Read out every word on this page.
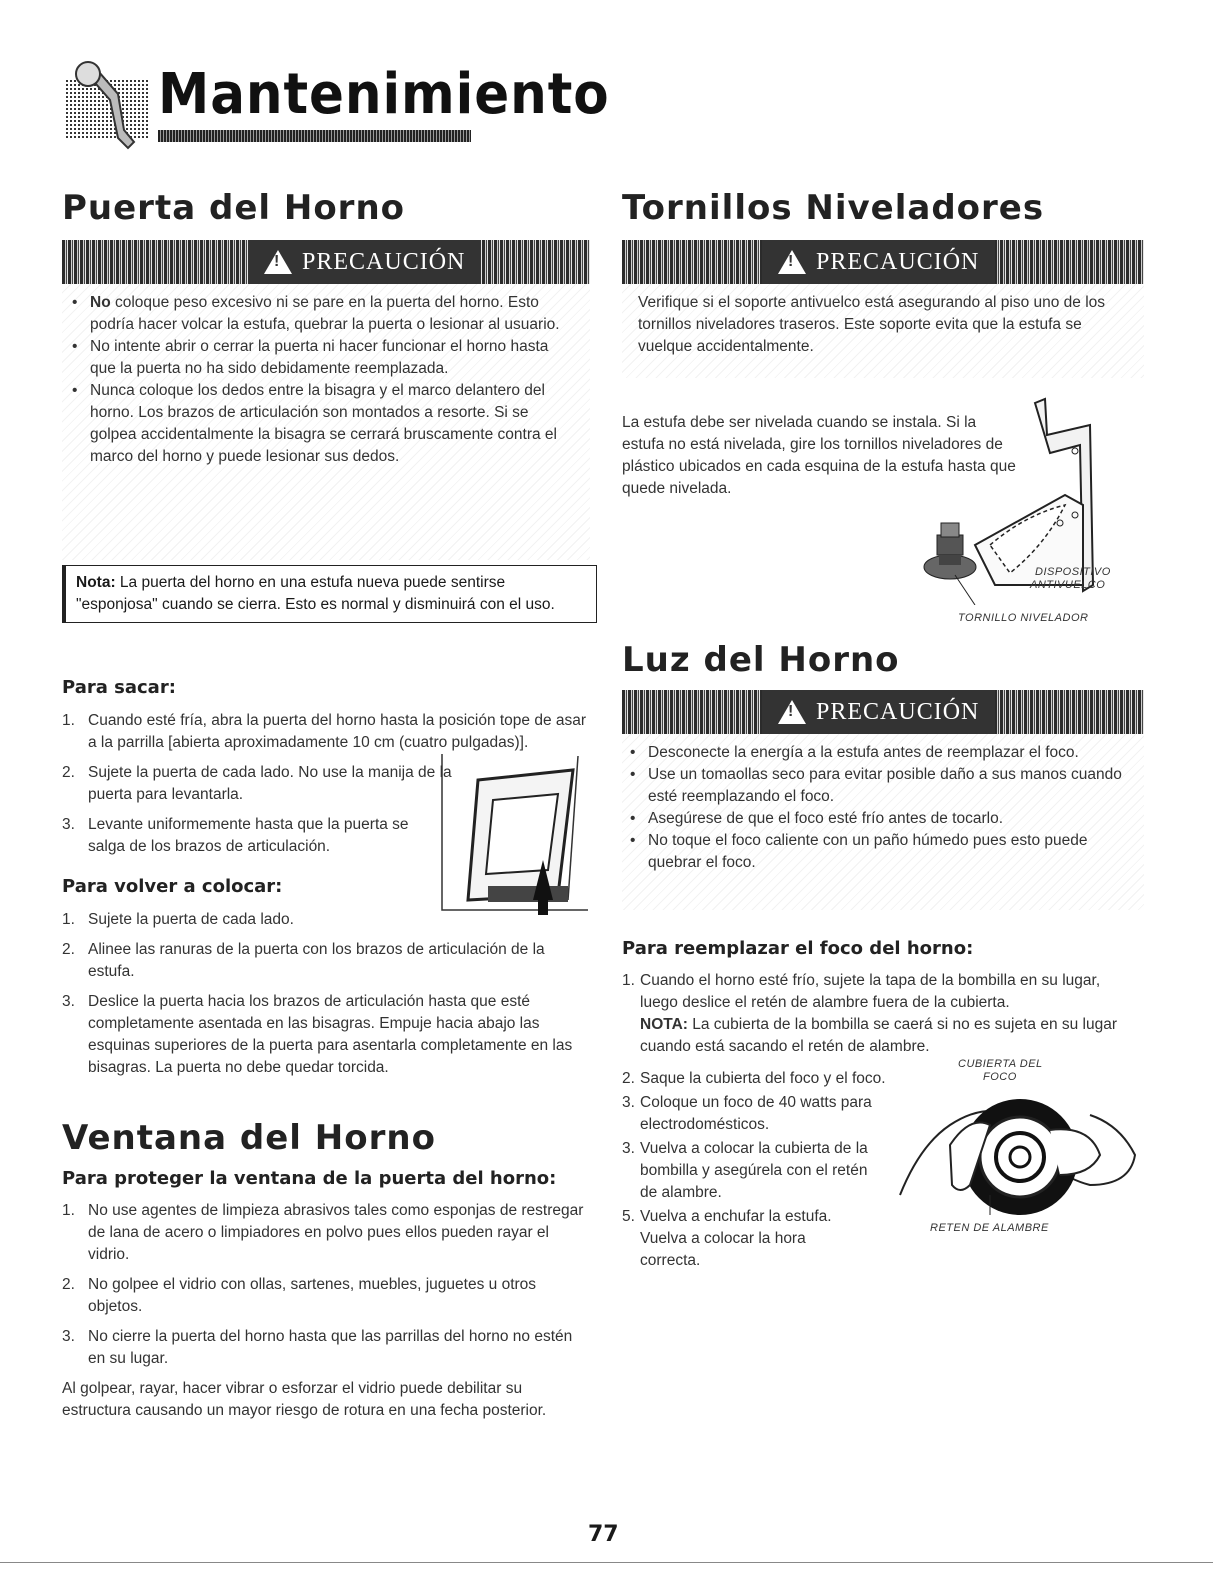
Mantenimiento
Puerta del Horno
!
PRECAUCIÓN
• No coloque peso excesivo ni se pare en la puerta del horno. Esto podría hacer volcar la estufa, quebrar la puerta o lesionar al usuario.
• No intente abrir o cerrar la puerta ni hacer funcionar el horno hasta que la puerta no ha sido debidamente reemplazada.
• Nunca coloque los dedos entre la bisagra y el marco delantero del horno. Los brazos de articulación son montados a resorte. Si se golpea accidentalmente la bisagra se cerrará bruscamente contra el marco del horno y puede lesionar sus dedos.
Nota: La puerta del horno en una estufa nueva puede sentirse "esponjosa" cuando se cierra. Esto es normal y disminuirá con el uso.
Para sacar:
1. Cuando esté fría, abra la puerta del horno hasta la posición tope de asar a la parrilla [abierta aproximadamente 10 cm (cuatro pulgadas)].
2. Sujete la puerta de cada lado. No use la manija de la puerta para levantarla.
3. Levante uniformemente hasta que la puerta se salga de los brazos de articulación.
Para volver a colocar:
1. Sujete la puerta de cada lado.
2. Alinee las ranuras de la puerta con los brazos de articulación de la estufa.
3. Deslice la puerta hacia los brazos de articulación hasta que esté completamente asentada en las bisagras. Empuje hacia abajo las esquinas superiores de la puerta para asentarla completamente en las bisagras. La puerta no debe quedar torcida.
Ventana del Horno
Para proteger la ventana de la puerta del horno:
1. No use agentes de limpieza abrasivos tales como esponjas de restregar de lana de acero o limpiadores en polvo pues ellos pueden rayar el vidrio.
2. No golpee el vidrio con ollas, sartenes, muebles, juguetes u otros objetos.
3. No cierre la puerta del horno hasta que las parrillas del horno no estén en su lugar.
Al golpear, rayar, hacer vibrar o esforzar el vidrio puede debilitar su estructura causando un mayor riesgo de rotura en una fecha posterior.
Tornillos Niveladores
!
PRECAUCIÓN
Verifique si el soporte antivuelco está asegurando al piso uno de los tornillos niveladores traseros. Este soporte evita que la estufa se vuelque accidentalmente.
La estufa debe ser nivelada cuando se instala. Si la estufa no está nivelada, gire los tornillos niveladores de plástico ubicados en cada esquina de la estufa hasta que quede nivelada.
DISPOSITIVO
ANTIVUELCO
TORNILLO NIVELADOR
Luz del Horno
!
PRECAUCIÓN
• Desconecte la energía a la estufa antes de reemplazar el foco.
• Use un tomaollas seco para evitar posible daño a sus manos cuando esté reemplazando el foco.
• Asegúrese de que el foco esté frío antes de tocarlo.
• No toque el foco caliente con un paño húmedo pues esto puede quebrar el foco.
Para reemplazar el foco del horno:
1. Cuando el horno esté frío, sujete la tapa de la bombilla en su lugar, luego deslice el retén de alambre fuera de la cubierta.
NOTA: La cubierta de la bombilla se caerá si no es sujeta en su lugar cuando está sacando el retén de alambre.
2. Saque la cubierta del foco y el foco.
3. Coloque un foco de 40 watts para electrodomésticos.
3. Vuelva a colocar la cubierta de la bombilla y asegúrela con el retén de alambre.
5. Vuelva a enchufar la estufa. Vuelva a colocar la hora correcta.
CUBIERTA DEL
FOCO
RETEN DE ALAMBRE
77
